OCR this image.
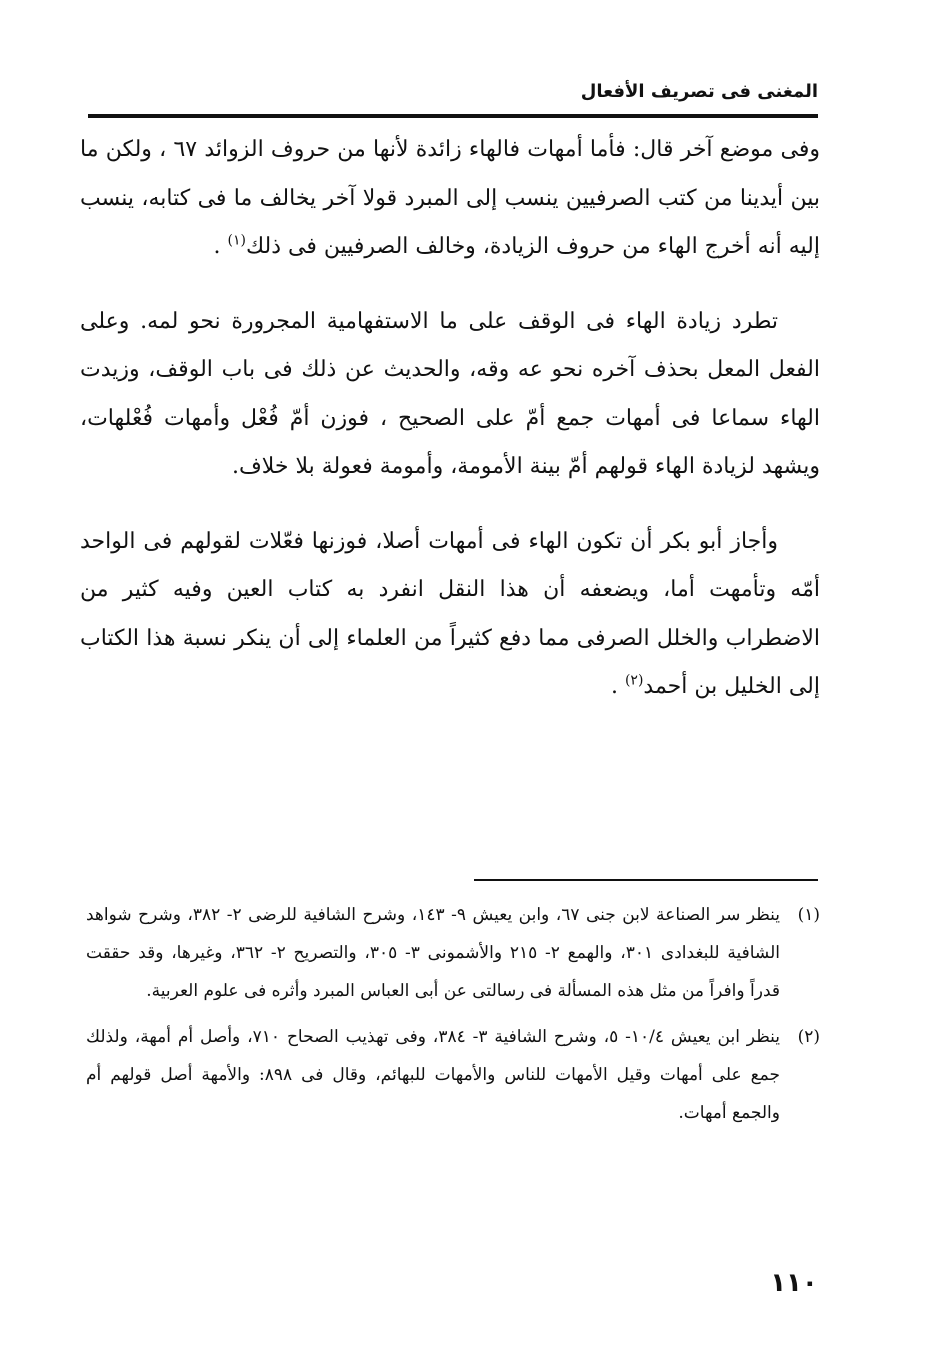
المغنى فى تصريف الأفعال

وفى موضع آخر قال: فأما أمهات فالهاء زائدة لأنها من حروف الزوائد ٦٧ ، ولكن ما بين أيدينا من كتب الصرفيين ينسب إلى المبرد قولا آخر يخالف ما فى كتابه، ينسب إليه أنه أخرج الهاء من حروف الزيادة، وخالف الصرفيين فى ذلك$^{(١)}$ .

تطرد زيادة الهاء فى الوقف على ما الاستفهامية المجرورة نحو لمه. وعلى الفعل المعل بحذف آخره نحو عه وقه، والحديث عن ذلك فى باب الوقف، وزيدت الهاء سماعا فى أمهات جمع أمّ على الصحيح ، فوزن أمّ فُعْل وأمهات فُعْلهات، ويشهد لزيادة الهاء قولهم أمّ بينة الأمومة، وأمومة فعولة بلا خلاف.

وأجاز أبو بكر أن تكون الهاء فى أمهات أصلا، فوزنها فعّلات لقولهم فى الواحد أمّه وتأمهت أما، ويضعفه أن هذا النقل انفرد به كتاب العين وفيه كثير من الاضطراب والخلل الصرفى مما دفع كثيراً من العلماء إلى أن ينكر نسبة هذا الكتاب إلى الخليل بن أحمد$^{(٢)}$ .

(١)
ينظر سر الصناعة لابن جنى ٦٧، وابن يعيش ٩- ١٤٣، وشرح الشافية للرضى ٢- ٣٨٢، وشرح شواهد الشافية للبغدادى ٣٠١، والهمع ٢- ٢١٥ والأشمونى ٣- ٣٠٥، والتصريح ٢- ٣٦٢، وغيرها، وقد حققت قدراً وافراً من مثل هذه المسألة فى رسالتى عن أبى العباس المبرد وأثره فى علوم العربية.
(٢)
ينظر ابن يعيش ١٠/٤- ٥، وشرح الشافية ٣- ٣٨٤، وفى تهذيب الصحاح ٧١٠، وأصل أم أمهة، ولذلك جمع على أمهات وقيل الأمهات للناس والأمهات للبهائم، وقال فى ٨٩٨: والأمهة أصل قولهم أم والجمع أمهات.
١١٠
